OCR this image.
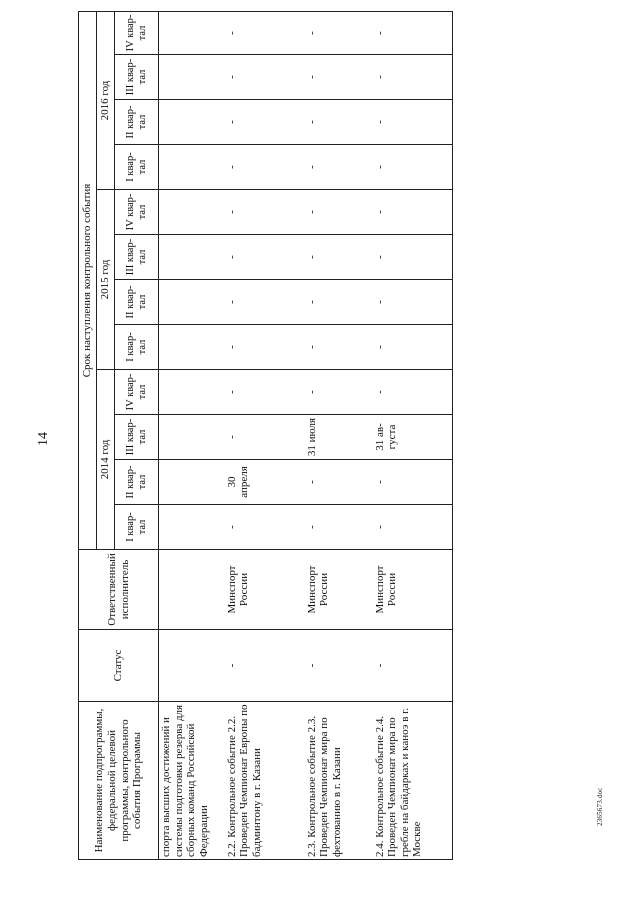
14
Наименование подпрограммы, федеральной целевой программы, контрольного события Программы	Статус	Ответственный исполнитель	Срок наступления контрольного события											
			2014 год				2015 год				2016 год			
			I квар-тал	II квар-тал	III квар-тал	IV квар-тал	I квар-тал	II квар-тал	III квар-тал	IV квар-тал	I квар-тал	II квар-тал	III квар-тал	IV квар-тал
спорта высших достижений и системы подготовки резерва для сборных команд Российской Федерации														
2.2. Контрольное событие 2.2. Проведен Чемпионат Европы по бадминтону в г. Казани	-	Минспорт России	-	30 апреля	-	-	-	-	-	-	-	-	-	-
2.3. Контрольное событие 2.3. Проведен Чемпионат мира по фехтованию в г. Казани	-	Минспорт России	-	-	31 июля	-	-	-	-	-	-	-	-	-
2.4. Контрольное событие 2.4. Проведен Чемпионат мира по гребле на байдарках и каноэ в г. Москве	-	Минспорт России	-	-	31 ав-густа	-	-	-	-	-	-	-	-	-
2365673.doc
